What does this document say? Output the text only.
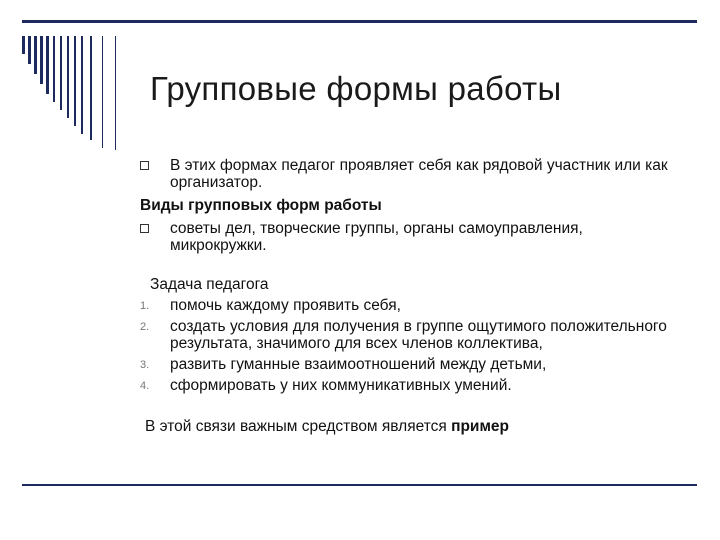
Групповые формы работы
В этих формах педагог проявляет себя как рядовой участник или как организатор.
Виды групповых форм работы
советы дел, творческие группы, органы самоуправления, микрокружки.
Задача педагога
1.	помочь каждому проявить себя,
2.	создать условия для получения в группе ощутимого положительного результата, значимого для всех членов коллектива,
3.	развить гуманные взаимоотношений между детьми,
4.	сформировать у них коммуникативных умений.
В этой связи важным средством является пример
